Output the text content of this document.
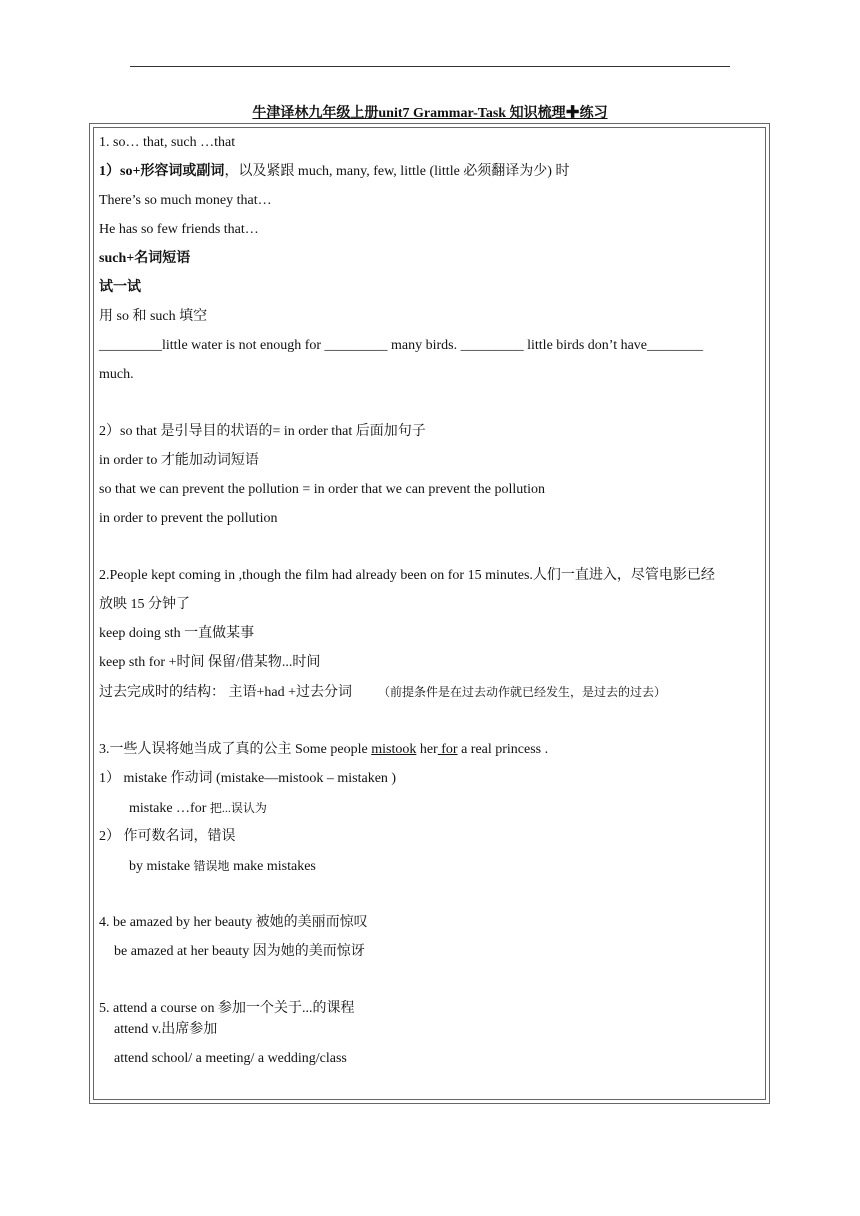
牛津译林九年级上册unit7 Grammar-Task 知识梳理✚练习
1. so… that, such …that
1）so+形容词或副词，以及紧跟 much, many, few, little (little 必须翻译为少) 时
There’s so much money that…
He has so few friends that…
such+名词短语
试一试
用 so 和 such 填空
_________little water is not enough for _________ many birds. _________ little birds don’t have________
much.
2）so that 是引导目的状语的= in order that 后面加句子
in order to 才能加动词短语
so that we can prevent the pollution = in order that we can prevent the pollution
in order to prevent the pollution
2.People kept coming in ,though the film had already been on for 15 minutes.人们一直进入，尽管电影已经
放映 15 分钟了
keep doing sth 一直做某事
keep sth for +时间 保留/借某物...时间
过去完成时的结构： 主语+had +过去分词 （前提条件是在过去动作就已经发生，是过去的过去）
3.一些人误将她当成了真的公主 Some people mistook her for a real princess .
1） mistake 作动词 (mistake—mistook – mistaken )
mistake …for 把...误认为
2） 作可数名词，错误
by mistake 错误地 make mistakes
4. be amazed by her beauty 被她的美丽而惊叹
be amazed at her beauty 因为她的美而惊讶
5. attend a course on 参加一个关于...的课程
attend v.出席参加
attend school/ a meeting/ a wedding/class
